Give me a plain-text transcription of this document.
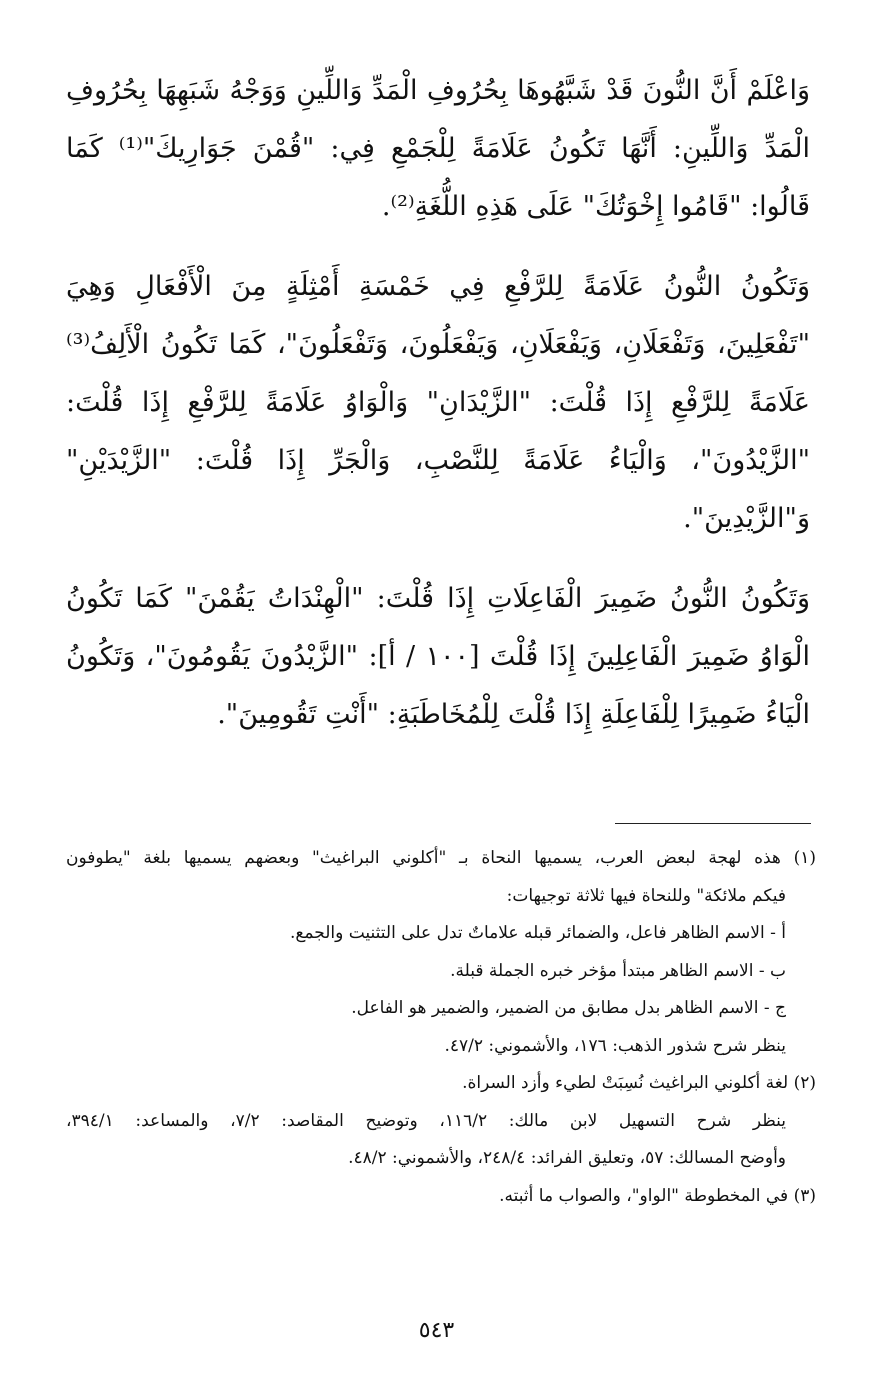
وَاعْلَمْ أَنَّ النُّونَ قَدْ شَبَّهُوهَا بِحُرُوفِ الْمَدِّ وَاللِّينِ وَوَجْهُ شَبَهِهَا بِحُرُوفِ الْمَدِّ وَاللِّينِ: أَنَّهَا تَكُونُ عَلَامَةً لِلْجَمْعِ فِي: "قُمْنَ جَوَارِيكَ"⁽¹⁾ كَمَا قَالُوا: "قَامُوا إِخْوَتُكَ" عَلَى هَذِهِ اللُّغَةِ⁽²⁾.

وَتَكُونُ النُّونُ عَلَامَةً لِلرَّفْعِ فِي خَمْسَةِ أَمْثِلَةٍ مِنَ الْأَفْعَالِ وَهِيَ "تَفْعَلِينَ، وَتَفْعَلَانِ، وَيَفْعَلَانِ، وَيَفْعَلُونَ، وَتَفْعَلُونَ"، كَمَا تَكُونُ الْأَلِفُ⁽³⁾ عَلَامَةً لِلرَّفْعِ إِذَا قُلْتَ: "الزَّيْدَانِ" وَالْوَاوُ عَلَامَةً لِلرَّفْعِ إِذَا قُلْتَ: "الزَّيْدُونَ"، وَالْيَاءُ عَلَامَةً لِلنَّصْبِ، وَالْجَرِّ إِذَا قُلْتَ: "الزَّيْدَيْنِ" وَ"الزَّيْدِينَ".

وَتَكُونُ النُّونُ ضَمِيرَ الْفَاعِلَاتِ إِذَا قُلْتَ: "الْهِنْدَاتُ يَقُمْنَ" كَمَا تَكُونُ الْوَاوُ ضَمِيرَ الْفَاعِلِينَ إِذَا قُلْتَ [١٠٠ / أ]: "الزَّيْدُونَ يَقُومُونَ"، وَتَكُونُ الْيَاءُ ضَمِيرًا لِلْفَاعِلَةِ إِذَا قُلْتَ لِلْمُخَاطَبَةِ: "أَنْتِ تَقُومِينَ".

(١) هذه لهجة لبعض العرب، يسميها النحاة بـ "أكلوني البراغيث" وبعضهم يسميها بلغة "يطوفون
فيكم ملائكة" وللنحاة فيها ثلاثة توجيهات:
أ - الاسم الظاهر فاعل، والضمائر قبله علاماتٌ تدل على التثنيت والجمع.
ب - الاسم الظاهر مبتدأ مؤخر خبره الجملة قبلة.
ج - الاسم الظاهر بدل مطابق من الضمير، والضمير هو الفاعل.
ينظر شرح شذور الذهب: ١٧٦، والأشموني: ٤٧/٢.
(٢) لغة أكلوني البراغيث نُسِبَتْ لطيء وأزد السراة.
ينظر شرح التسهيل لابن مالك: ١١٦/٢، وتوضيح المقاصد: ٧/٢، والمساعد: ٣٩٤/١،
وأوضح المسالك: ٥٧، وتعليق الفرائد: ٢٤٨/٤، والأشموني: ٤٨/٢.
(٣) في المخطوطة "الواو"، والصواب ما أثبته.
٥٤٣
